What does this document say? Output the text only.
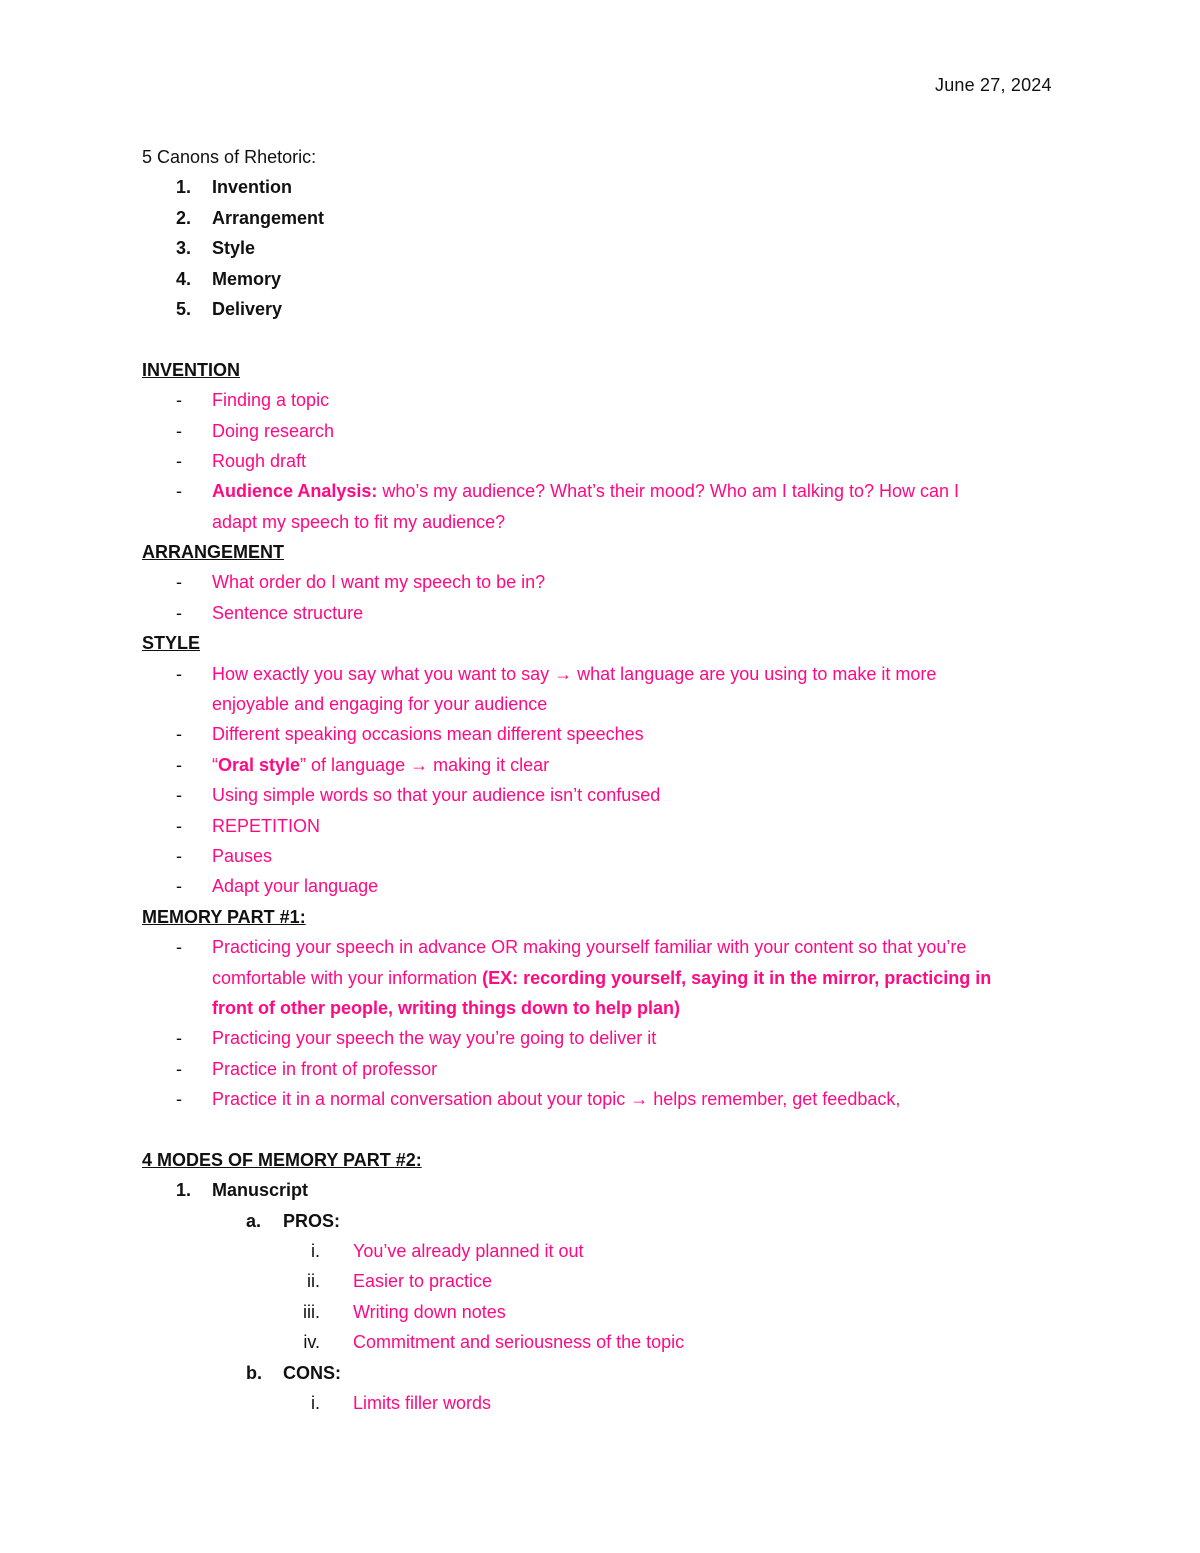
June 27, 2024
5 Canons of Rhetoric:
1. Invention
2. Arrangement
3. Style
4. Memory
5. Delivery
INVENTION
- Finding a topic
- Doing research
- Rough draft
- Audience Analysis: who’s my audience? What’s their mood? Who am I talking to? How can I
adapt my speech to fit my audience?
ARRANGEMENT
- What order do I want my speech to be in?
- Sentence structure
STYLE
- How exactly you say what you want to say → what language are you using to make it more
enjoyable and engaging for your audience
- Different speaking occasions mean different speeches
- “Oral style” of language → making it clear
- Using simple words so that your audience isn’t confused
- REPETITION
- Pauses
- Adapt your language
MEMORY PART #1:
- Practicing your speech in advance OR making yourself familiar with your content so that you’re
comfortable with your information (EX: recording yourself, saying it in the mirror, practicing in
front of other people, writing things down to help plan)
- Practicing your speech the way you’re going to deliver it
- Practice in front of professor
- Practice it in a normal conversation about your topic → helps remember, get feedback,
4 MODES OF MEMORY PART #2:
1. Manuscript
a. PROS:
i. You’ve already planned it out
ii. Easier to practice
iii. Writing down notes
iv. Commitment and seriousness of the topic
b. CONS:
i. Limits filler words
